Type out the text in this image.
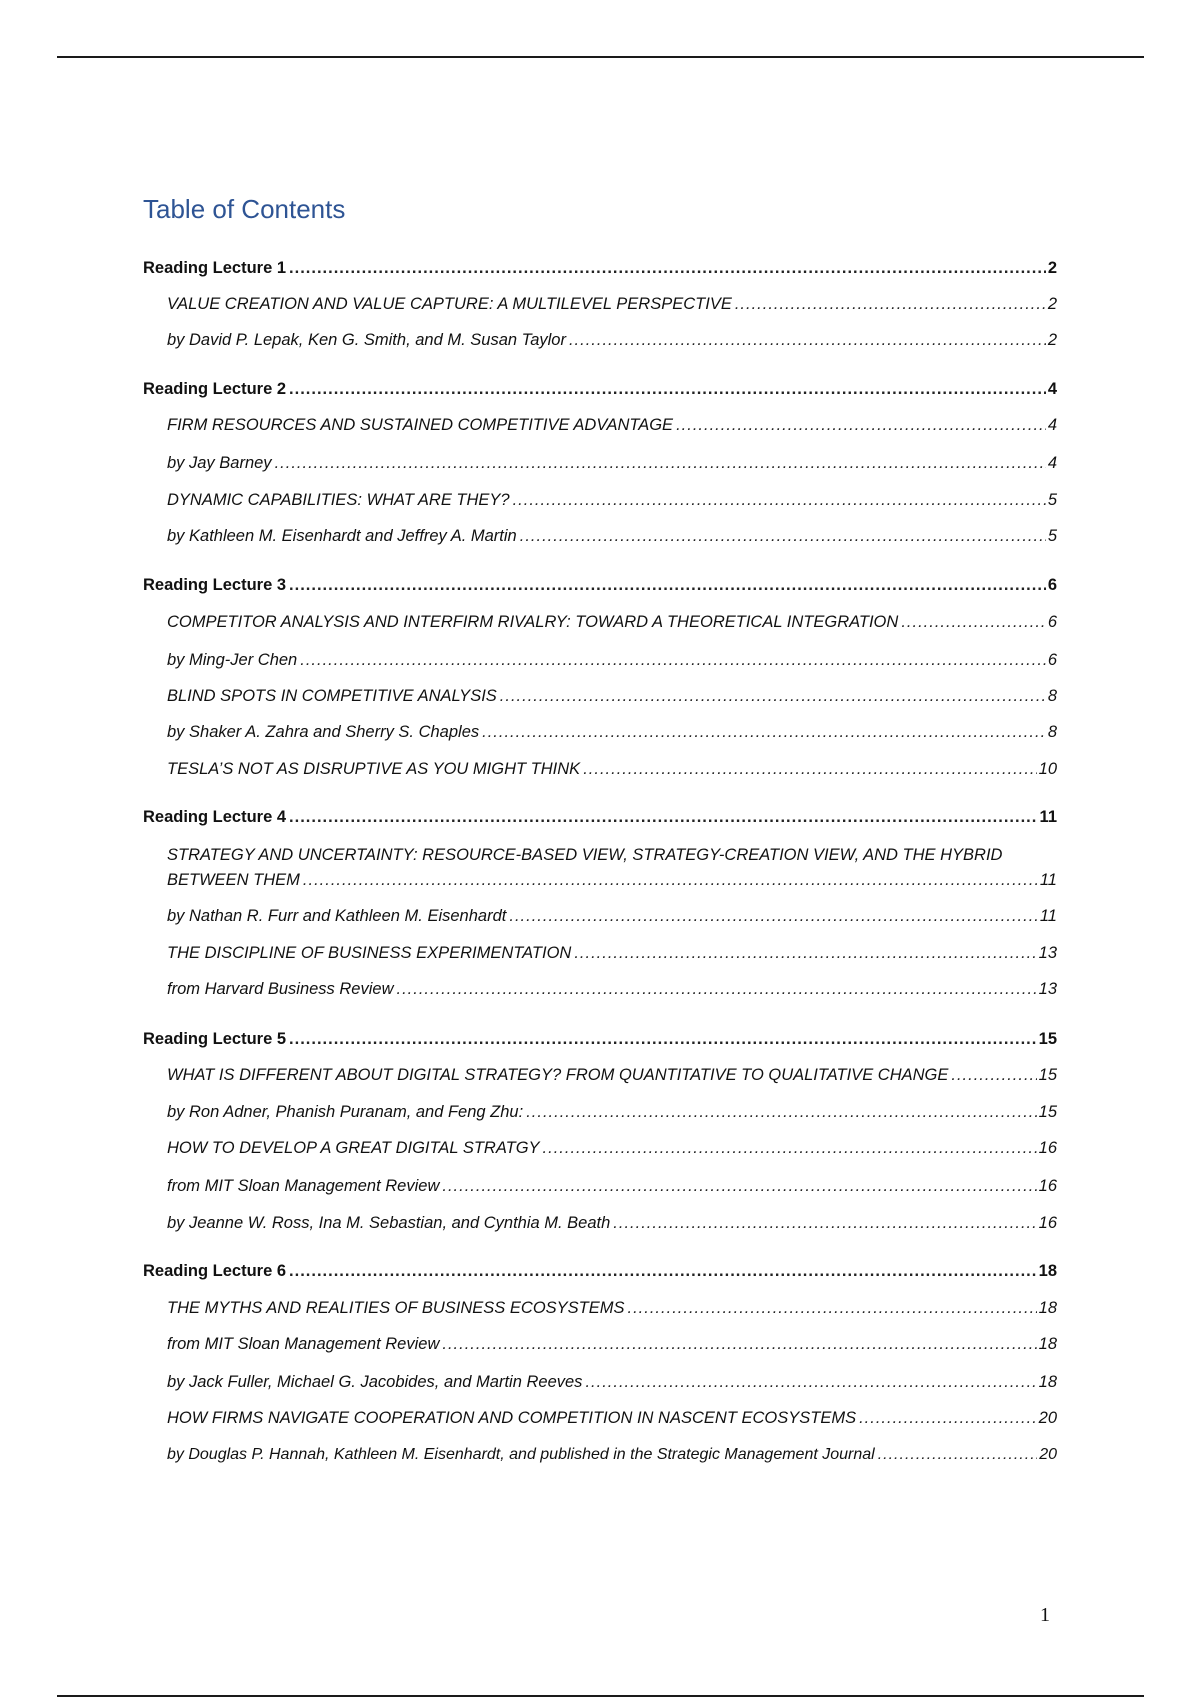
Table of Contents
Reading Lecture 1 .....	2
VALUE CREATION AND VALUE CAPTURE: A MULTILEVEL PERSPECTIVE .....	2
by David P. Lepak, Ken G. Smith, and M. Susan Taylor .....	2
Reading Lecture 2 .....	4
FIRM RESOURCES AND SUSTAINED COMPETITIVE ADVANTAGE .....	4
by Jay Barney .....	4
DYNAMIC CAPABILITIES: WHAT ARE THEY? .....	5
by Kathleen M. Eisenhardt and Jeffrey A. Martin .....	5
Reading Lecture 3 .....	6
COMPETITOR ANALYSIS AND INTERFIRM RIVALRY: TOWARD A THEORETICAL INTEGRATION .....	6
by Ming-Jer Chen .....	6
BLIND SPOTS IN COMPETITIVE ANALYSIS .....	8
by Shaker A. Zahra and Sherry S. Chaples .....	8
TESLA’S NOT AS DISRUPTIVE AS YOU MIGHT THINK .....	10
Reading Lecture 4 .....	11
STRATEGY AND UNCERTAINTY: RESOURCE-BASED VIEW, STRATEGY-CREATION VIEW, AND THE HYBRID
BETWEEN THEM .....	11
by Nathan R. Furr and Kathleen M. Eisenhardt .....	11
THE DISCIPLINE OF BUSINESS EXPERIMENTATION .....	13
from Harvard Business Review .....	13
Reading Lecture 5 .....	15
WHAT IS DIFFERENT ABOUT DIGITAL STRATEGY? FROM QUANTITATIVE TO QUALITATIVE CHANGE .....	15
by Ron Adner, Phanish Puranam, and Feng Zhu: .....	15
HOW TO DEVELOP A GREAT DIGITAL STRATGY .....	16
from MIT Sloan Management Review .....	16
by Jeanne W. Ross, Ina M. Sebastian, and Cynthia M. Beath .....	16
Reading Lecture 6 .....	18
THE MYTHS AND REALITIES OF BUSINESS ECOSYSTEMS .....	18
from MIT Sloan Management Review .....	18
by Jack Fuller, Michael G. Jacobides, and Martin Reeves .....	18
HOW FIRMS NAVIGATE COOPERATION AND COMPETITION IN NASCENT ECOSYSTEMS .....	20
by Douglas P. Hannah, Kathleen M. Eisenhardt, and published in the Strategic Management Journal .....	20
1
